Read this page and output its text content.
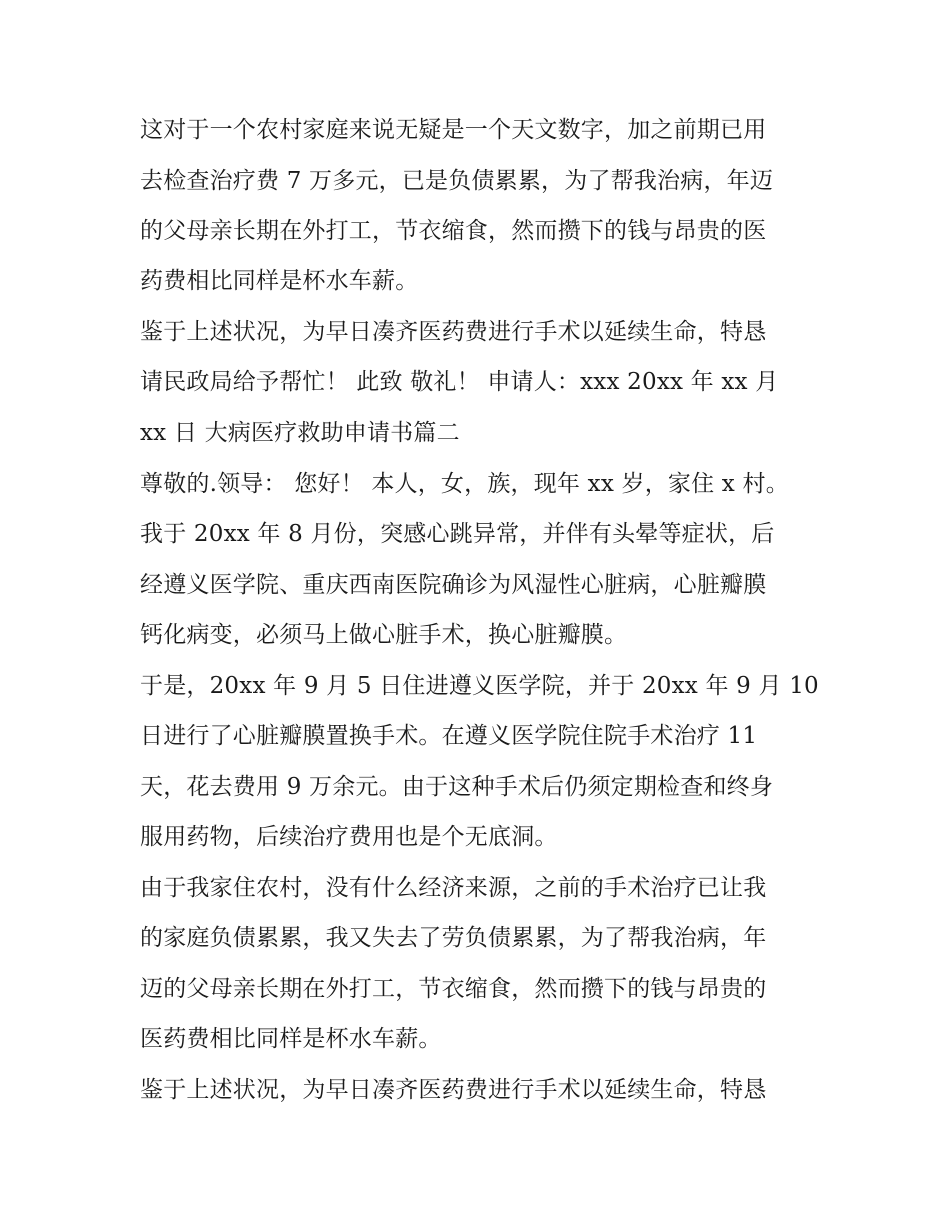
这对于一个农村家庭来说无疑是一个天文数字，加之前期已用
去检查治疗费 7 万多元，已是负债累累，为了帮我治病，年迈
的父母亲长期在外打工，节衣缩食，然而攒下的钱与昂贵的医
药费相比同样是杯水车薪。
鉴于上述状况，为早日凑齐医药费进行手术以延续生命，特恳
请民政局给予帮忙！ 此致 敬礼！ 申请人：xxx 20xx 年 xx 月
xx 日 大病医疗救助申请书篇二
尊敬的.领导： 您好！ 本人，女，族，现年 xx 岁，家住 x 村。
我于 20xx 年 8 月份，突感心跳异常，并伴有头晕等症状，后
经遵义医学院、重庆西南医院确诊为风湿性心脏病，心脏瓣膜
钙化病变，必须马上做心脏手术，换心脏瓣膜。
于是，20xx 年 9 月 5 日住进遵义医学院，并于 20xx 年 9 月 10
日进行了心脏瓣膜置换手术。在遵义医学院住院手术治疗 11
天，花去费用 9 万余元。由于这种手术后仍须定期检查和终身
服用药物，后续治疗费用也是个无底洞。
由于我家住农村，没有什么经济来源，之前的手术治疗已让我
的家庭负债累累，我又失去了劳负债累累，为了帮我治病，年
迈的父母亲长期在外打工，节衣缩食，然而攒下的钱与昂贵的
医药费相比同样是杯水车薪。
鉴于上述状况，为早日凑齐医药费进行手术以延续生命，特恳
